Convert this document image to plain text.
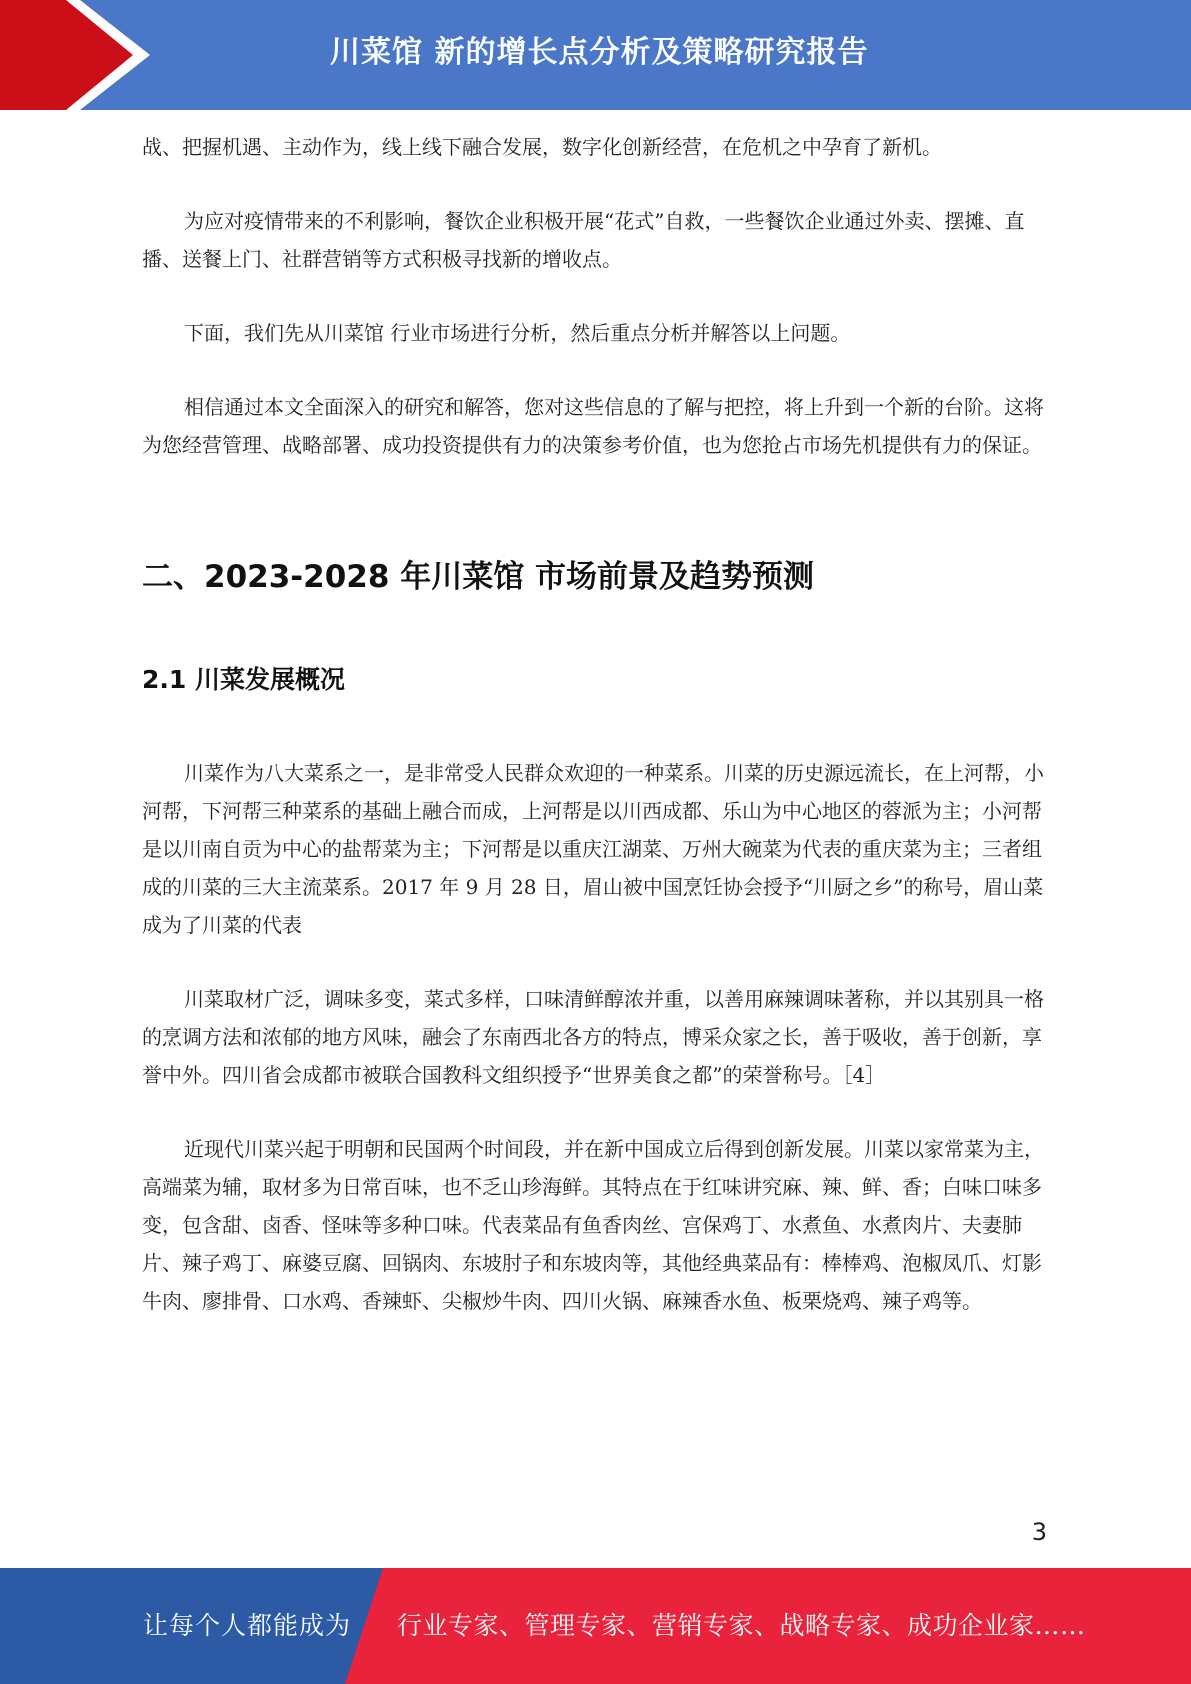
川菜馆 新的增长点分析及策略研究报告

战、把握机遇、主动作为，线上线下融合发展，数字化创新经营，在危机之中孕育了新机。

为应对疫情带来的不利影响，餐饮企业积极开展“花式”自救，一些餐饮企业通过外卖、摆摊、直播、送餐上门、社群营销等方式积极寻找新的增收点。

下面，我们先从川菜馆 行业市场进行分析，然后重点分析并解答以上问题。

相信通过本文全面深入的研究和解答，您对这些信息的了解与把控，将上升到一个新的台阶。这将为您经营管理、战略部署、成功投资提供有力的决策参考价值，也为您抢占市场先机提供有力的保证。

二、2023-2028 年川菜馆 市场前景及趋势预测
2.1 川菜发展概况

川菜作为八大菜系之一，是非常受人民群众欢迎的一种菜系。川菜的历史源远流长，在上河帮，小河帮，下河帮三种菜系的基础上融合而成，上河帮是以川西成都、乐山为中心地区的蓉派为主；小河帮是以川南自贡为中心的盐帮菜为主；下河帮是以重庆江湖菜、万州大碗菜为代表的重庆菜为主；三者组成的川菜的三大主流菜系。2017 年 9 月 28 日，眉山被中国烹饪协会授予“川厨之乡”的称号，眉山菜成为了川菜的代表

川菜取材广泛，调味多变，菜式多样，口味清鲜醇浓并重，以善用麻辣调味著称，并以其别具一格的烹调方法和浓郁的地方风味，融会了东南西北各方的特点，博采众家之长，善于吸收，善于创新，享誉中外。四川省会成都市被联合国教科文组织授予“世界美食之都”的荣誉称号。［4］

近现代川菜兴起于明朝和民国两个时间段，并在新中国成立后得到创新发展。川菜以家常菜为主，高端菜为辅，取材多为日常百味，也不乏山珍海鲜。其特点在于红味讲究麻、辣、鲜、香；白味口味多变，包含甜、卤香、怪味等多种口味。代表菜品有鱼香肉丝、宫保鸡丁、水煮鱼、水煮肉片、夫妻肺片、辣子鸡丁、麻婆豆腐、回锅肉、东坡肘子和东坡肉等，其他经典菜品有：棒棒鸡、泡椒凤爪、灯影牛肉、廖排骨、口水鸡、香辣虾、尖椒炒牛肉、四川火锅、麻辣香水鱼、板栗烧鸡、辣子鸡等。

3
让每个人都能成为 行业专家、管理专家、营销专家、战略专家、成功企业家……
